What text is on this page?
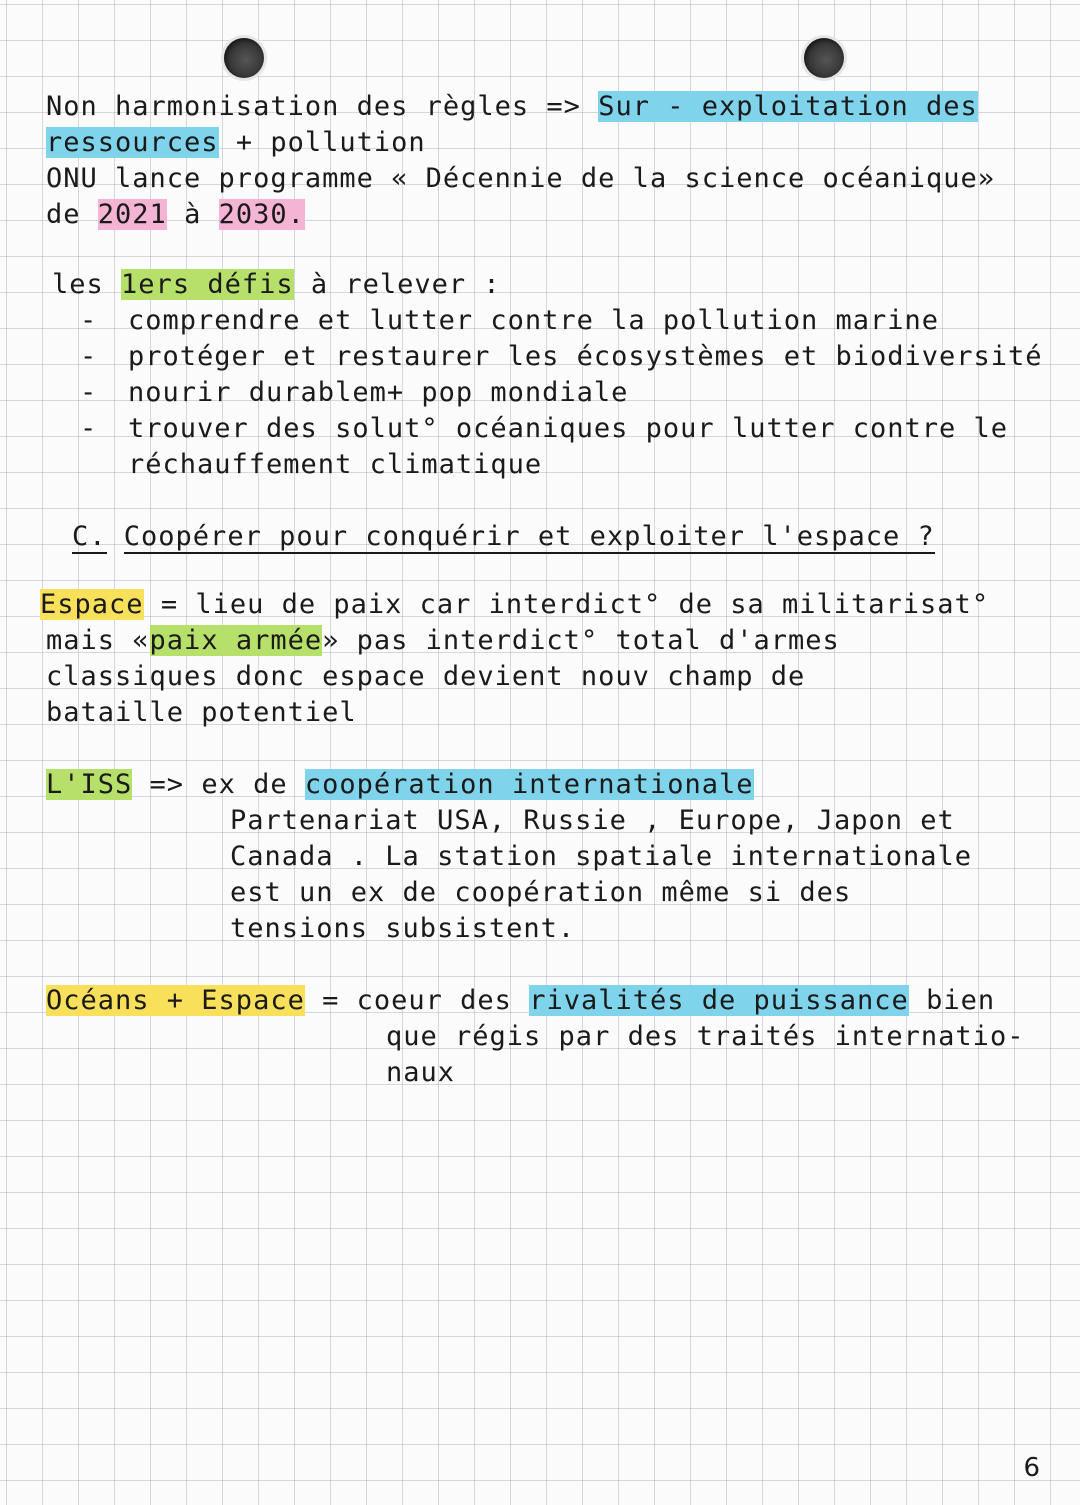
Non harmonisation des règles => Sur - exploitation des
ressources + pollution
ONU lance programme « Décennie de la science océanique»
de 2021 à 2030.
les 1ers défis à relever :
- comprendre et lutter contre la pollution marine
- protéger et restaurer les écosystèmes et biodiversité
- nourir durablem+ pop mondiale
- trouver des solut° océaniques pour lutter contre le
réchauffement climatique
C. Coopérer pour conquérir et exploiter l'espace ?
Espace = lieu de paix car interdict° de sa militarisat°
mais «paix armée» pas interdict° total d'armes
classiques donc espace devient nouv champ de
bataille potentiel
L'ISS => ex de coopération internationale
Partenariat USA, Russie , Europe, Japon et
Canada . La station spatiale internationale
est un ex de coopération même si des
tensions subsistent.
Océans + Espace = coeur des rivalités de puissance bien
que régis par des traités internatio-
naux
6
